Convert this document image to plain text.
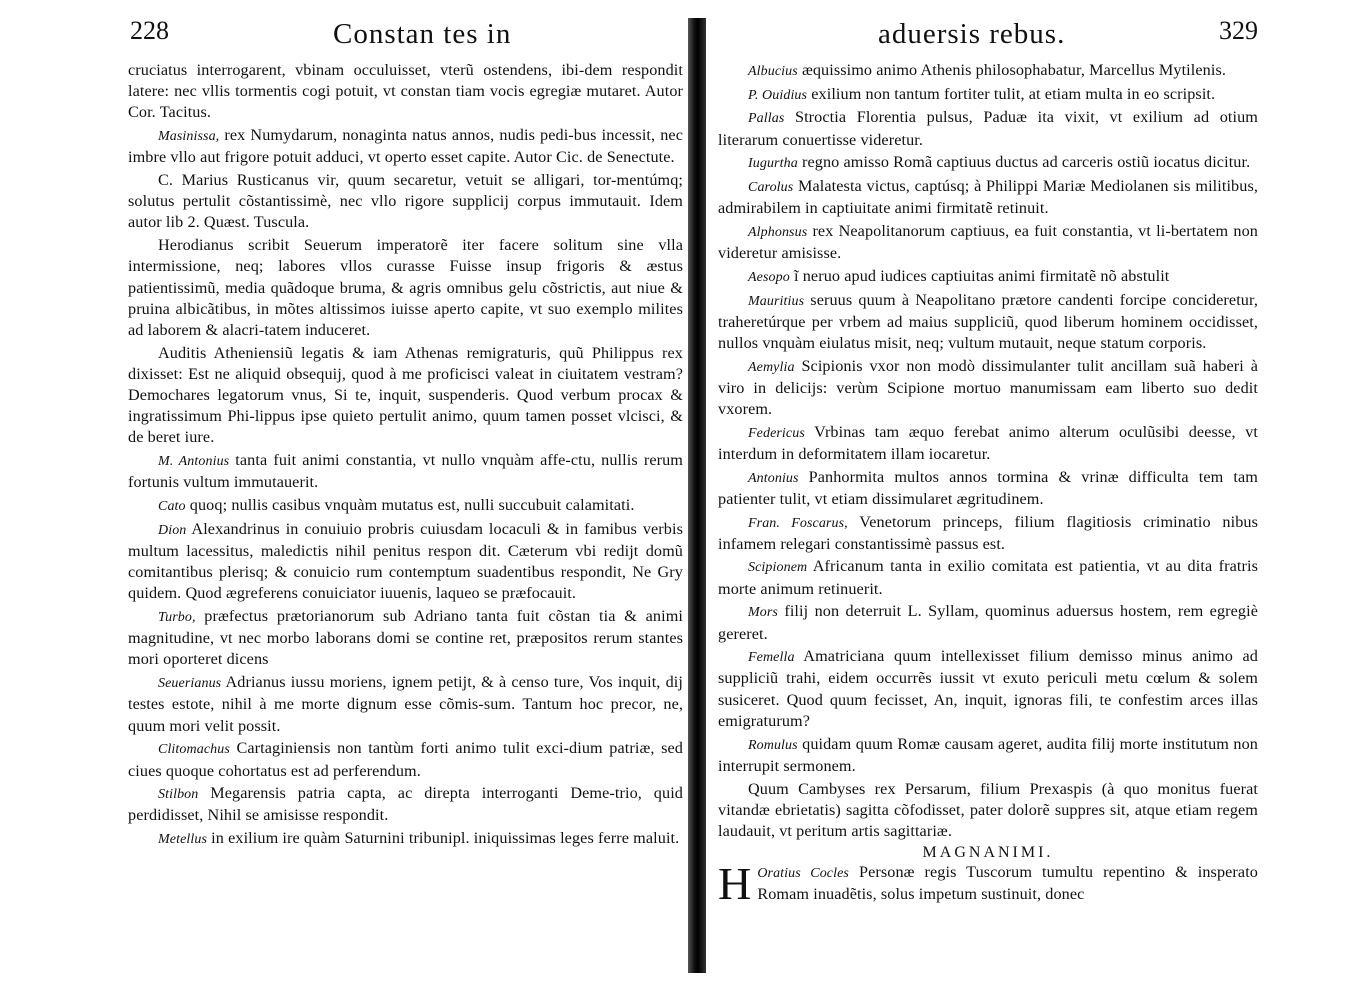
228	Constan tes in

cruciatus interrogarent, vbinam occuluisset, vterũ ostendens, ibi-dem respondit latere: nec vllis tormentis cogi potuit, vt constan tiam vocis egregiæ mutaret. Autor Cor. Tacitus.

Masinissa, rex Numydarum, nonaginta natus annos, nudis pedi-bus incessit, nec imbre vllo aut frigore potuit adduci, vt operto esset capite. Autor Cic. de Senectute.

C. Marius Rusticanus vir, quum secaretur, vetuit se alligari, tor-mentúmq; solutus pertulit cõstantissimè, nec vllo rigore supplicij corpus immutauit. Idem autor lib 2. Quæst. Tuscula.

Herodianus scribit Seuerum imperatorẽ iter facere solitum sine vlla intermissione, neq; labores vllos curasse Fuisse insup frigoris & æstus patientissimũ, media quãdoque bruma, & agris omnibus gelu cõstrictis, aut niue & pruina albicãtibus, in mõtes altissimos iuisse aperto capite, vt suo exemplo milites ad laborem & alacri-tatem induceret.

Auditis Atheniensiũ legatis & iam Athenas remigraturis, quũ Philippus rex dixisset: Est ne aliquid obsequij, quod à me proficisci valeat in ciuitatem vestram? Demochares legatorum vnus, Si te, inquit, suspenderis. Quod verbum procax & ingratissimum Phi-lippus ipse quieto pertulit animo, quum tamen posset vlcisci, & de beret iure.

M. Antonius tanta fuit animi constantia, vt nullo vnquàm affe-ctu, nullis rerum fortunis vultum immutauerit.

Cato quoq; nullis casibus vnquàm mutatus est, nulli succubuit calamitati.

Dion Alexandrinus in conuiuio probris cuiusdam locaculi & in famibus verbis multum lacessitus, maledictis nihil penitus respon dit. Cæterum vbi redijt domũ comitantibus plerisq; & conuicio rum contemptum suadentibus respondit, Ne Gry quidem. Quod ægreferens conuiciator iuuenis, laqueo se præfocauit.

Turbo, præfectus prætorianorum sub Adriano tanta fuit cõstan tia & animi magnitudine, vt nec morbo laborans domi se contine ret, præpositos rerum stantes mori oporteret dicens

Seuerianus Adrianus iussu moriens, ignem petijt, & à censo ture, Vos inquit, dij testes estote, nihil à me morte dignum esse cõmis-sum. Tantum hoc precor, ne, quum mori velit possit.

Clitomachus Cartaginiensis non tantùm forti animo tulit exci-dium patriæ, sed ciues quoque cohortatus est ad perferendum.

Stilbon Megarensis patria capta, ac direpta interroganti Deme-trio, quid perdidisset, Nihil se amisisse respondit.

Metellus in exilium ire quàm Saturnini tribunipl. iniquissimas leges ferre maluit.

aduersis rebus.	329

Albucius æquissimo animo Athenis philosophabatur, Marcellus Mytilenis.

P. Ouidius exilium non tantum fortiter tulit, at etiam multa in eo scripsit.

Pallas Stroctia Florentia pulsus, Paduæ ita vixit, vt exilium ad otium literarum conuertisse videretur.

Iugurtha regno amisso Romã captiuus ductus ad carceris ostiũ iocatus dicitur.

Carolus Malatesta victus, captúsq; à Philippi Mariæ Mediolanen sis militibus, admirabilem in captiuitate animi firmitatẽ retinuit.

Alphonsus rex Neapolitanorum captiuus, ea fuit constantia, vt li-bertatem non videretur amisisse.

Aesopo ĩ neruo apud iudices captiuitas animi firmitatẽ nõ abstulit

Mauritius seruus quum à Neapolitano prætore candenti forcipe concideretur, traheretúrque per vrbem ad maius suppliciũ, quod liberum hominem occidisset, nullos vnquàm eiulatus misit, neq; vultum mutauit, neque statum corporis.

Aemylia Scipionis vxor non modò dissimulanter tulit ancillam suã haberi à viro in delicijs: verùm Scipione mortuo manumissam eam liberto suo dedit vxorem.

Federicus Vrbinas tam æquo ferebat animo alterum oculũsibi deesse, vt interdum in deformitatem illam iocaretur.

Antonius Panhormita multos annos tormina & vrinæ difficulta tem tam patienter tulit, vt etiam dissimularet ægritudinem.

Fran. Foscarus, Venetorum princeps, filium flagitiosis criminatio nibus infamem relegari constantissimè passus est.

Scipionem Africanum tanta in exilio comitata est patientia, vt au dita fratris morte animum retinuerit.

Mors filij non deterruit L. Syllam, quominus aduersus hostem, rem egregiè gereret.

Femella Amatriciana quum intellexisset filium demisso minus animo ad suppliciũ trahi, eidem occurrẽs iussit vt exuto periculi metu cœlum & solem susiceret. Quod quum fecisset, An, inquit, ignoras fili, te confestim arces illas emigraturum?

Romulus quidam quum Romæ causam ageret, audita filij morte institutum non interrupit sermonem.

Quum Cambyses rex Persarum, filium Prexaspis (à quo monitus fuerat vitandæ ebrietatis) sagitta cõfodisset, pater dolorẽ suppres sit, atque etiam regem laudauit, vt peritum artis sagittariæ.

MAGNANIMI.

H Oratius Cocles Personæ regis Tuscorum tumultu repentino & insperato Romam inuadẽtis, solus impetum sustinuit, donec
